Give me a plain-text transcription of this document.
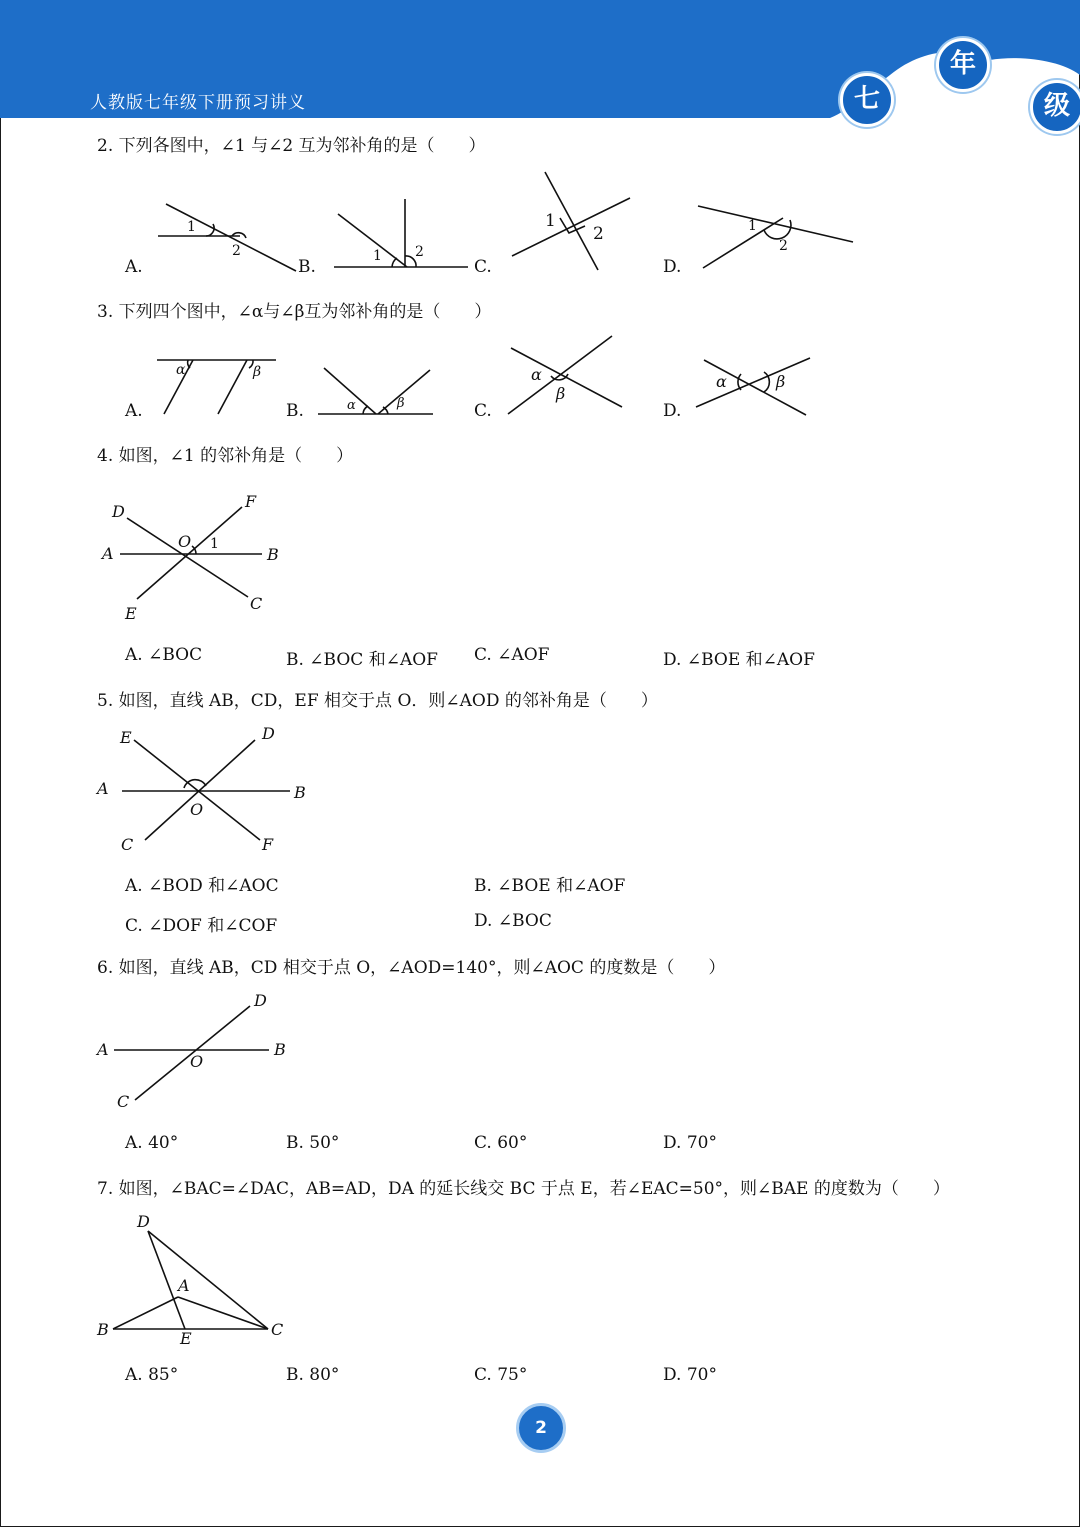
人教版七年级下册预习讲义	七
年
级
2. 下列各图中，∠1 与∠2 互为邻补角的是（　　）
A.	B.	C.	D.
1
2	1 2
1
2	1
2
3. 下列四个图中，∠α与∠β互为邻补角的是（　　）
A.	B.	C.	D.
α	β
α	β
α
β
α	β
4. 如图，∠1 的邻补角是（　　）
D
F
A
O 1
B
E
C
A. ∠BOC	B. ∠BOC 和∠AOF C. ∠AOF	D. ∠BOE 和∠AOF
5. 如图，直线 AB，CD，EF 相交于点 O．则∠AOD 的邻补角是（　　）
E	D
A	B
O
C	F
A. ∠BOD 和∠AOC	B. ∠BOE 和∠AOF
C. ∠DOF 和∠COF	D. ∠BOC
6. 如图，直线 AB，CD 相交于点 O，∠AOD=140°，则∠AOC 的度数是（　　）
D
A	B
O
C
A. 40°	B. 50°	C. 60°	D. 70°
7. 如图，∠BAC=∠DAC，AB=AD，DA 的延长线交 BC 于点 E，若∠EAC=50°，则∠BAE 的度数为（　　）
D
A
B	E	C
A. 85°	B. 80°	C. 75°	D. 70°
2
